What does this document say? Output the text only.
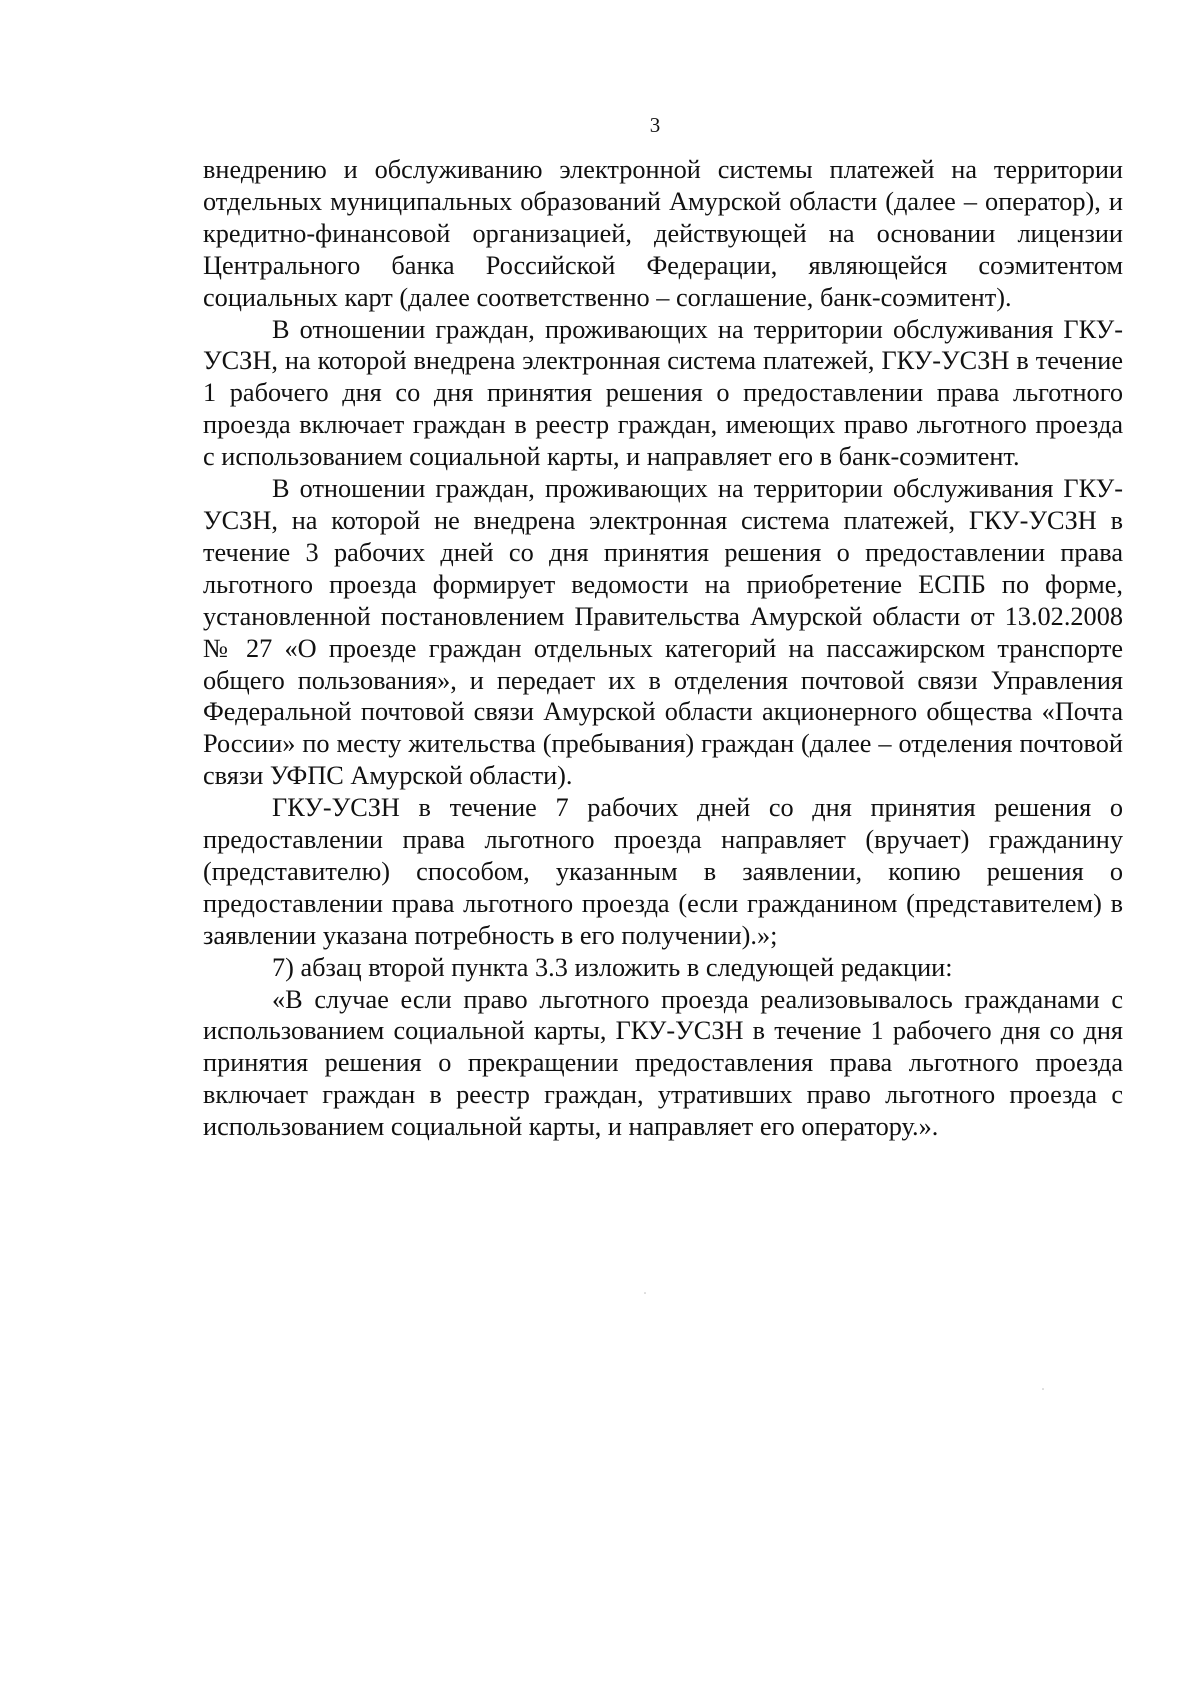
3

внедрению и обслуживанию электронной системы платежей на территории отдельных муниципальных образований Амурской области (далее – оператор), и кредитно-финансовой организацией, действующей на основании лицензии Центрального банка Российской Федерации, являющейся соэмитентом социальных карт (далее соответственно – соглашение, банк-соэмитент).

В отношении граждан, проживающих на территории обслуживания ГКУ-УСЗН, на которой внедрена электронная система платежей, ГКУ-УСЗН в течение 1 рабочего дня со дня принятия решения о предоставлении права льготного проезда включает граждан в реестр граждан, имеющих право льготного проезда с использованием социальной карты, и направляет его в банк-соэмитент.

В отношении граждан, проживающих на территории обслуживания ГКУ-УСЗН, на которой не внедрена электронная система платежей, ГКУ-УСЗН в течение 3 рабочих дней со дня принятия решения о предоставлении права льготного проезда формирует ведомости на приобретение ЕСПБ по форме, установленной постановлением Правительства Амурской области от 13.02.2008 № 27 «О проезде граждан отдельных категорий на пассажирском транспорте общего пользования», и передает их в отделения почтовой связи Управления Федеральной почтовой связи Амурской области акционерного общества «Почта России» по месту жительства (пребывания) граждан (далее – отделения почтовой связи УФПС Амурской области).

ГКУ-УСЗН в течение 7 рабочих дней со дня принятия решения о предоставлении права льготного проезда направляет (вручает) гражданину (представителю) способом, указанным в заявлении, копию решения о предоставлении права льготного проезда (если гражданином (представителем) в заявлении указана потребность в его получении).»;

7) абзац второй пункта 3.3 изложить в следующей редакции:

«В случае если право льготного проезда реализовывалось гражданами с использованием социальной карты, ГКУ-УСЗН в течение 1 рабочего дня со дня принятия решения о прекращении предоставления права льготного проезда включает граждан в реестр граждан, утративших право льготного проезда с использованием социальной карты, и направляет его оператору.».
